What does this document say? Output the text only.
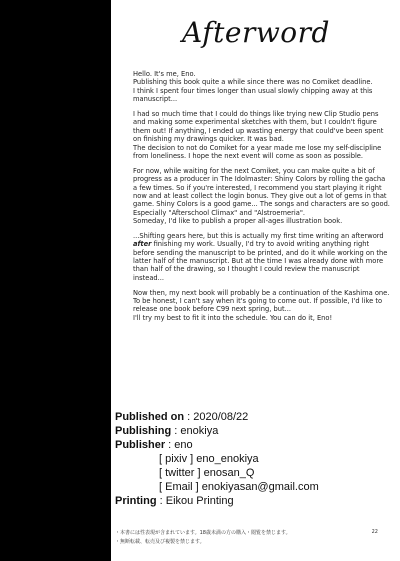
Afterword

Hello. It's me, Eno.
Publishing this book quite a while since there was no Comiket deadline.
I think I spent four times longer than usual slowly chipping away at this manuscript...

I had so much time that I could do things like trying new Clip Studio pens and making some experimental sketches with them, but I couldn't figure them out! If anything, I ended up wasting energy that could've been spent on finishing my drawings quicker. It was bad.
The decision to not do Comiket for a year made me lose my self-discipline from loneliness. I hope the next event will come as soon as possible.

For now, while waiting for the next Comiket, you can make quite a bit of progress as a producer in The Idolmaster: Shiny Colors by rolling the gacha a few times. So if you're interested, I recommend you start playing it right now and at least collect the login bonus. They give out a lot of gems in that game. Shiny Colors is a good game... The songs and characters are so good. Especially "Afterschool Climax" and "Alstroemeria".
Someday, I'd like to publish a proper all-ages illustration book.

...Shifting gears here, but this is actually my first time writing an afterword after finishing my work. Usually, I'd try to avoid writing anything right before sending the manuscript to be printed, and do it while working on the latter half of the manuscript. But at the time I was already done with more than half of the drawing, so I thought I could review the manuscript instead...

Now then, my next book will probably be a continuation of the Kashima one. To be honest, I can't say when it's going to come out. If possible, I'd like to release one book before C99 next spring, but...
I'll try my best to fit it into the schedule. You can do it, Eno!

Published on : 2020/08/22
Publishing : enokiya
Publisher : eno
[ pixiv ] eno_enokiya
[ twitter ] enosan_Q
[ Email ] enokiyasan@gmail.com
Printing : Eikou Printing
・本書には性表現が含まれています。18歳未満の方の購入・閲覧を禁じます。
・無断転載、転売及び複製を禁じます。
22
